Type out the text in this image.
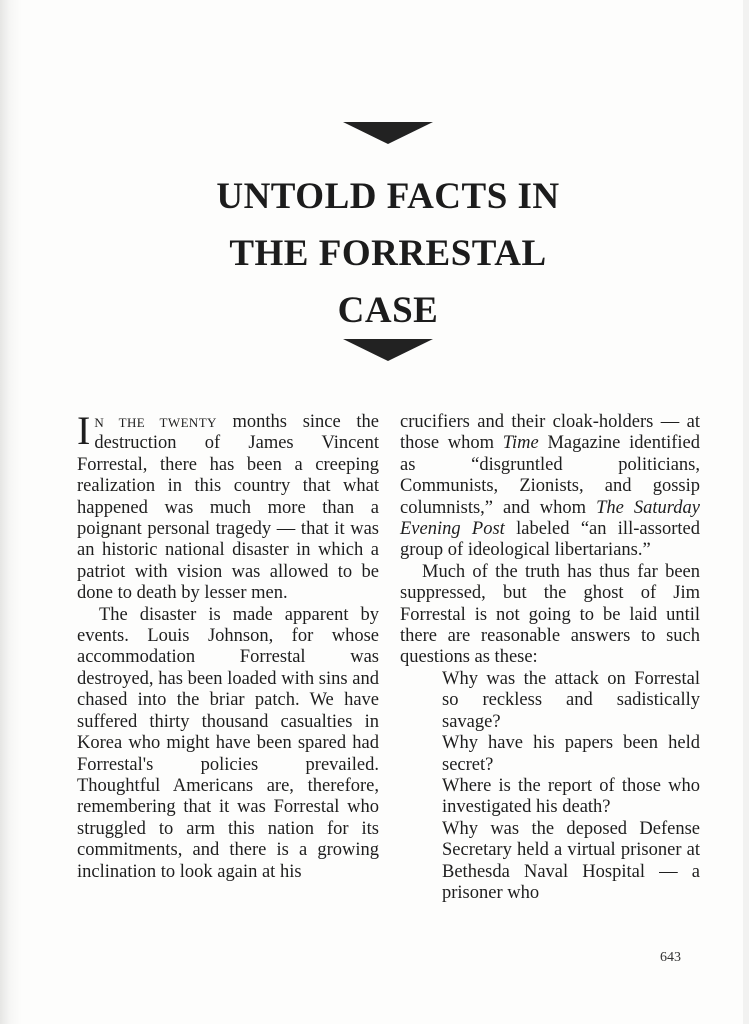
UNTOLD FACTS IN
THE FORRESTAL
CASE

I N THE TWENTY months since the destruction of James Vincent Forrestal, there has been a creeping realization in this country that what happened was much more than a poignant personal tragedy — that it was an historic national disaster in which a patriot with vision was allowed to be done to death by lesser men.

The disaster is made apparent by events. Louis Johnson, for whose accommodation Forrestal was destroyed, has been loaded with sins and chased into the briar patch. We have suffered thirty thousand casualties in Korea who might have been spared had Forrestal's policies prevailed. Thoughtful Americans are, therefore, remembering that it was Forrestal who struggled to arm this nation for its commitments, and there is a growing inclination to look again at his

crucifiers and their cloak-holders — at those whom Time Magazine identified as “disgruntled politicians, Communists, Zionists, and gossip columnists,” and whom The Saturday Evening Post labeled “an ill-assorted group of ideological libertarians.”

Much of the truth has thus far been suppressed, but the ghost of Jim Forrestal is not going to be laid until there are reasonable answers to such questions as these:

Why was the attack on Forrestal so reckless and sadistically savage?

Why have his papers been held secret?

Where is the report of those who investigated his death?

Why was the deposed Defense Secretary held a virtual prisoner at Bethesda Naval Hospital — a prisoner who

643
